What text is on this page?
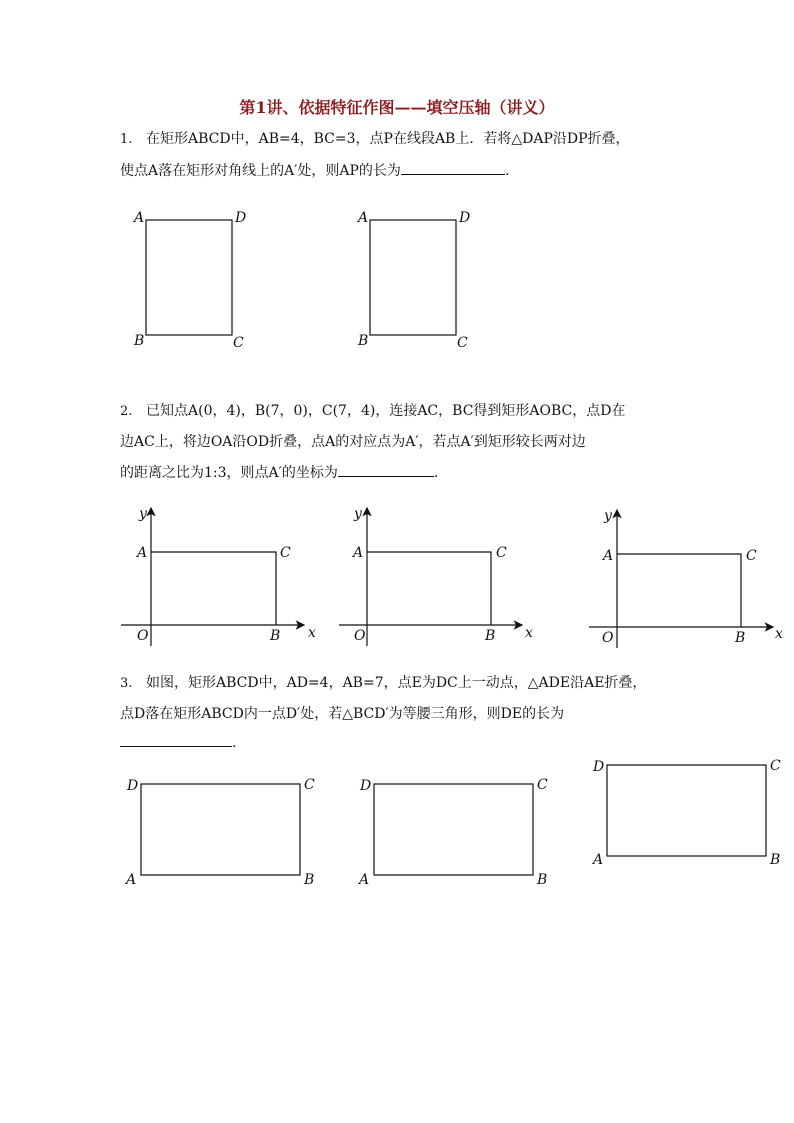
第1讲、依据特征作图——填空压轴（讲义）
1. 在矩形ABCD中，AB=4，BC=3，点P在线段AB上．若将△DAP沿DP折叠，
使点A落在矩形对角线上的A′处，则AP的长为	.
A	D
B	C
A	D
B	C
y
A	C
O	B x
y
A	C
O	B x
y
A	C
O	B x
D	C
A	B
D	C
A	B
D	C
A	B
2. 已知点A(0，4)，B(7，0)，C(7，4)，连接AC，BC得到矩形AOBC，点D在
边AC上，将边OA沿OD折叠，点A的对应点为A′，若点A′到矩形较长两对边
的距离之比为1:3，则点A′的坐标为	.
3. 如图，矩形ABCD中，AD=4，AB=7，点E为DC上一动点，△ADE沿AE折叠，
点D落在矩形ABCD内一点D′处，若△BCD′为等腰三角形，则DE的长为
.
